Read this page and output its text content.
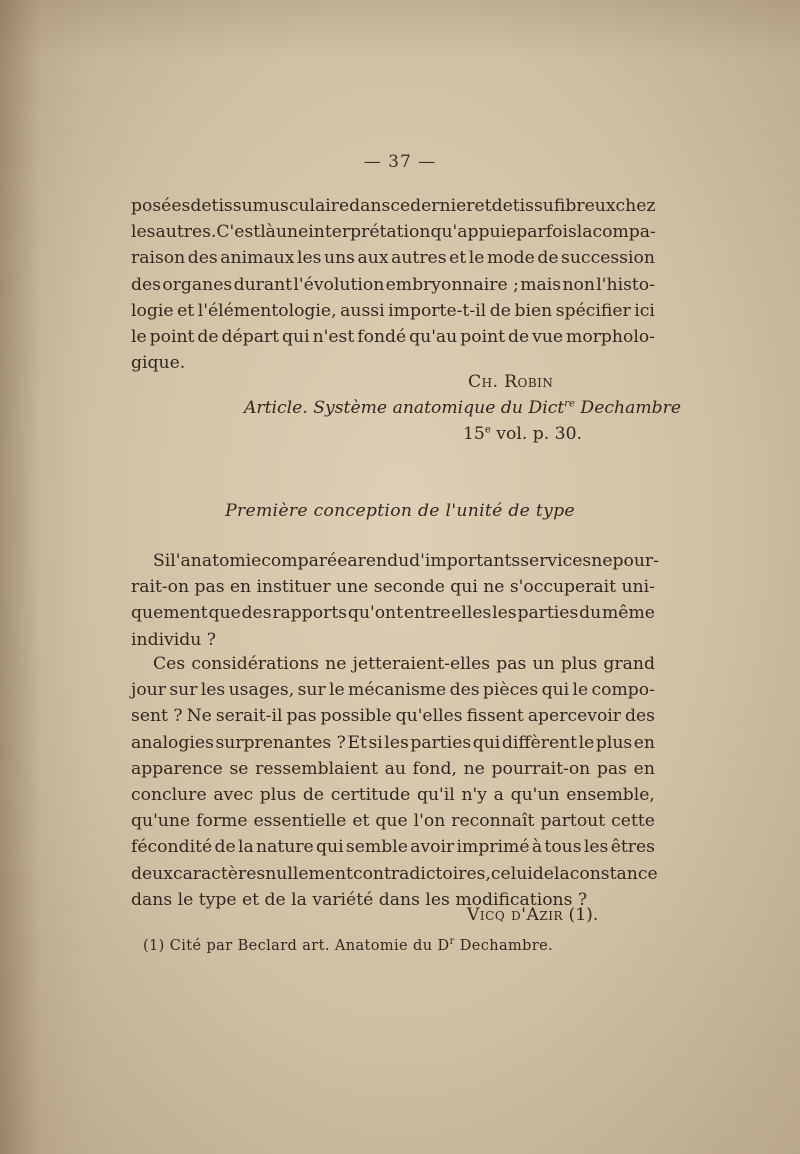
— 37 —
posées de tissu musculaire dans ce dernier et de tissu fibreux chez
les autres. C'est là une interprétation qu'appuie parfois la compa-
raison des animaux les uns aux autres et le mode de succession
des organes durant l'évolution embryonnaire ; mais non l'histo-
logie et l'élémentologie, aussi importe-t-il de bien spécifier ici
le point de départ qui n'est fondé qu'au point de vue morpholo-
gique.
Ch. Robin
Article. Système anatomique du Dict$^{re}$ Dechambre
15e vol. p. 30.
Première conception de l'unité de type
Si l'anatomie comparée a rendu d'importants services ne pour-
rait-on pas en instituer une seconde qui ne s'occuperait uni-
quement que des rapports qu'ont entre elles les parties du même
individu ?
Ces considérations ne jetteraient-elles pas un plus grand
jour sur les usages, sur le mécanisme des pièces qui le compo-
sent ? Ne serait-il pas possible qu'elles fissent apercevoir des
analogies surprenantes ? Et si les parties qui diffèrent le plus en
apparence se ressemblaient au fond, ne pourrait-on pas en
conclure avec plus de certitude qu'il n'y a qu'un ensemble,
qu'une forme essentielle et que l'on reconnaît partout cette
fécondité de la nature qui semble avoir imprimé à tous les êtres
deux caractères nullement contradictoires, celui de la constance
dans le type et de la variété dans les modifications ?
Vicq d'Azir (1).
(1) Cité par Beclard art. Anatomie du $D^r$ Dechambre.
